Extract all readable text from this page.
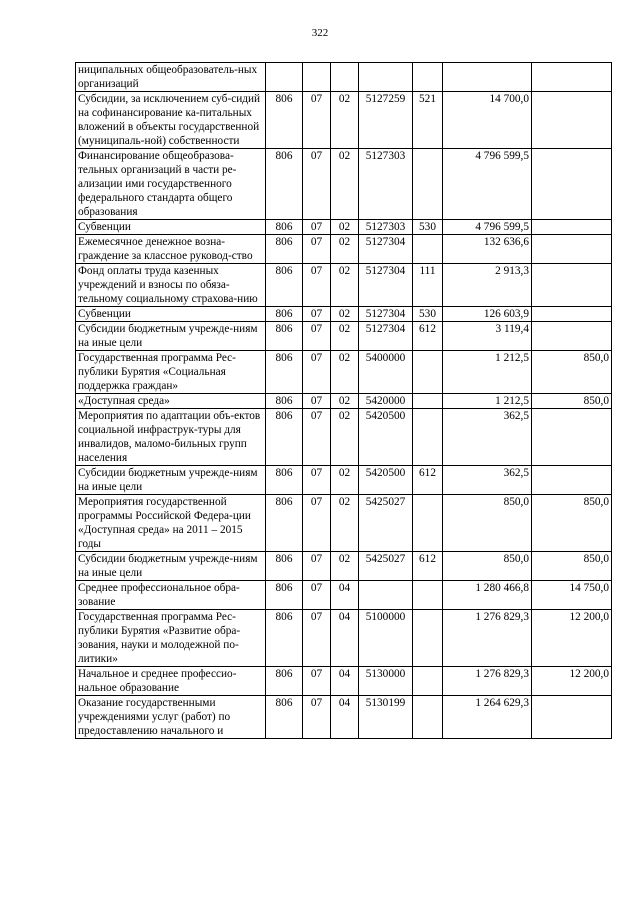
322
ниципальных общеобразователь-ных организаций							
Субсидии, за исключением суб-сидий на софинансирование ка-питальных вложений в объекты государственной (муниципаль-ной) собственности	806	07	02	5127259	521	14 700,0	
Финансирование общеобразова-тельных организаций в части ре-ализации ими государственного федерального стандарта общего образования	806	07	02	5127303		4 796 599,5	
Субвенции	806	07	02	5127303	530	4 796 599,5	
Ежемесячное денежное возна-граждение за классное руковод-ство	806	07	02	5127304		132 636,6	
Фонд оплаты труда казенных учреждений и взносы по обяза-тельному социальному страхова-нию	806	07	02	5127304	111	2 913,3	
Субвенции	806	07	02	5127304	530	126 603,9	
Субсидии бюджетным учрежде-ниям на иные цели	806	07	02	5127304	612	3 119,4	
Государственная программа Рес-публики Бурятия «Социальная поддержка граждан»	806	07	02	5400000		1 212,5	850,0
«Доступная среда»	806	07	02	5420000		1 212,5	850,0
Мероприятия по адаптации объ-ектов социальной инфраструк-туры для инвалидов, маломо-бильных групп населения	806	07	02	5420500		362,5	
Субсидии бюджетным учрежде-ниям на иные цели	806	07	02	5420500	612	362,5	
Мероприятия государственной программы Российской Федера-ции «Доступная среда» на 2011 – 2015 годы	806	07	02	5425027		850,0	850,0
Субсидии бюджетным учрежде-ниям на иные цели	806	07	02	5425027	612	850,0	850,0
Среднее профессиональное обра-зование	806	07	04			1 280 466,8	14 750,0
Государственная программа Рес-публики Бурятия «Развитие обра-зования, науки и молодежной по-литики»	806	07	04	5100000		1 276 829,3	12 200,0
Начальное и среднее профессио-нальное образование	806	07	04	5130000		1 276 829,3	12 200,0
Оказание государственными учреждениями услуг (работ) по предоставлению начального и	806	07	04	5130199		1 264 629,3	
